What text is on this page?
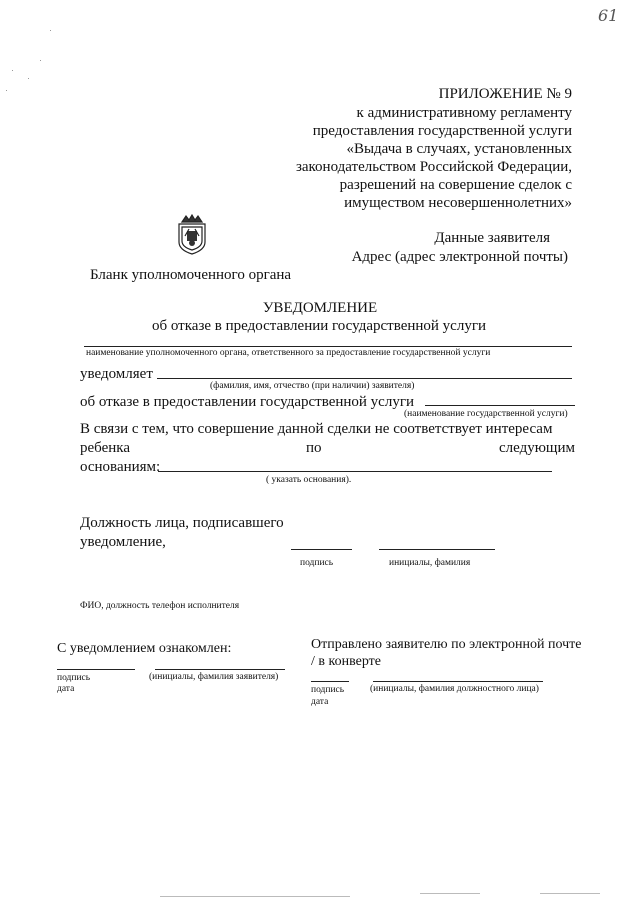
61
ПРИЛОЖЕНИЕ № 9
к административному регламенту
предоставления государственной услуги
«Выдача в случаях, установленных
законодательством Российской Федерации,
разрешений на совершение сделок с
имуществом несовершеннолетних»
Данные заявителя
Адрес (адрес электронной почты)
Бланк уполномоченного органа
УВЕДОМЛЕНИЕ
об отказе в предоставлении государственной услуги
наименование уполномоченного органа, ответственного за предоставление государственной услуги
уведомляет
(фамилия, имя, отчество (при наличии) заявителя)
об отказе в предоставлении государственной услуги
(наименование государственной услуги)
В связи с тем, что совершение данной сделки не соответствует интересам
ребенка	по	следующим
основаниям:
( указать основания).
Должность лица, подписавшего
уведомление,
подпись	инициалы, фамилия
ФИО, должность телефон исполнителя
С уведомлением ознакомлен:
подпись
дата
(инициалы, фамилия заявителя)
Отправлено заявителю по электронной почте
/ в конверте
подпись
дата
(инициалы, фамилия должностного лица)
